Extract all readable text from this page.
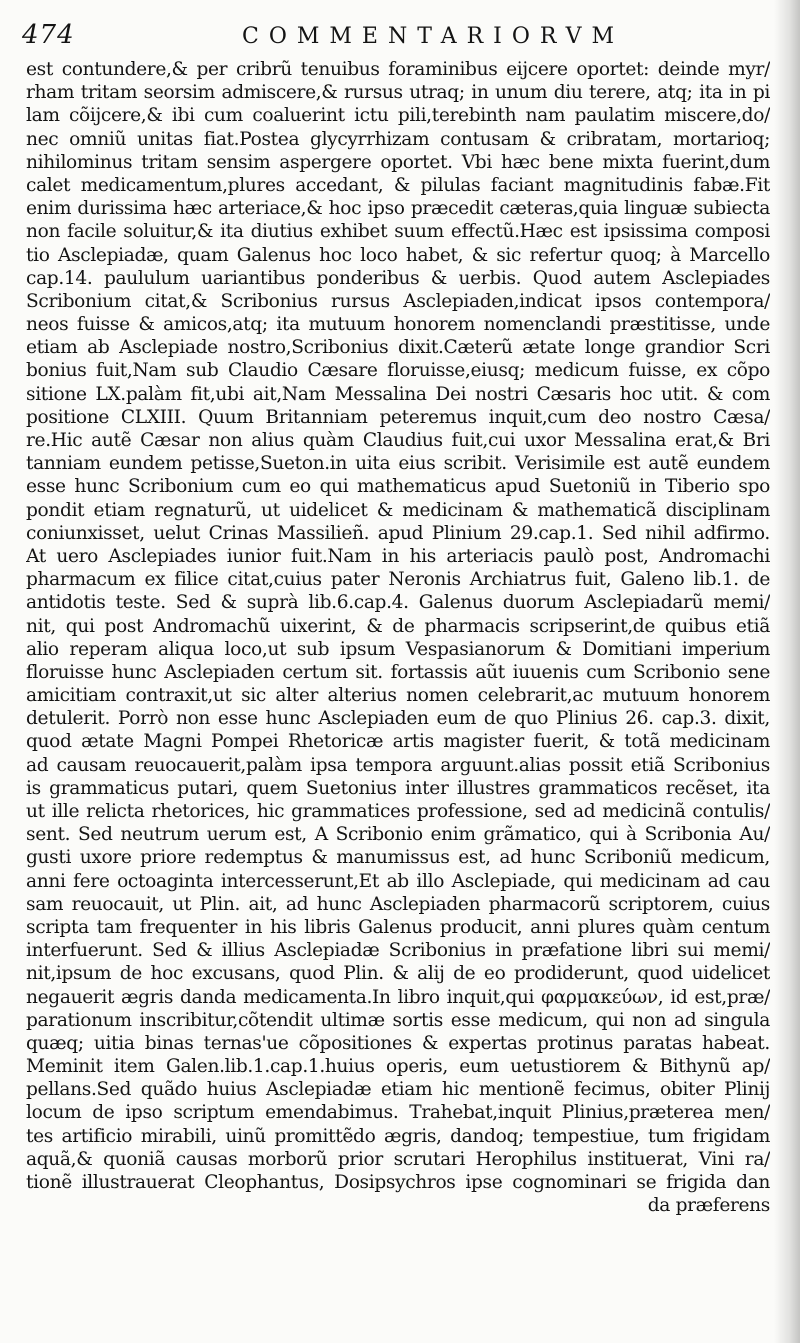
474	COMMENTARIORVM
est contundere,& per cribrũ tenuibus foraminibus eijcere oportet: deinde myr/
rham tritam seorsim admiscere,& rursus utraq; in unum diu terere, atq; ita in pi
lam cõijcere,& ibi cum coaluerint ictu pili,terebinth nam paulatim miscere,do/
nec omniũ unitas fiat.Postea glycyrrhizam contusam & cribratam, mortarioq;
nihilominus tritam sensim aspergere oportet. Vbi hæc bene mixta fuerint,dum
calet medicamentum,plures accedant, & pilulas faciant magnitudinis fabæ.Fit
enim durissima hæc arteriace,& hoc ipso præcedit cæteras,quia linguæ subiecta
non facile soluitur,& ita diutius exhibet suum effectũ.Hæc est ipsissima composi
tio Asclepiadæ, quam Galenus hoc loco habet, & sic refertur quoq; à Marcello
cap.14. paululum uariantibus ponderibus & uerbis. Quod autem Asclepiades
Scribonium citat,& Scribonius rursus Asclepiaden,indicat ipsos contempora/
neos fuisse & amicos,atq; ita mutuum honorem nomenclandi præstitisse, unde
etiam ab Asclepiade nostro,Scribonius dixit.Cæterũ ætate longe grandior Scri
bonius fuit,Nam sub Claudio Cæsare floruisse,eiusq; medicum fuisse, ex cõpo
sitione LX.palàm fit,ubi ait,Nam Messalina Dei nostri Cæsaris hoc utit. & com
positione CLXIII. Quum Britanniam peteremus inquit,cum deo nostro Cæsa/
re.Hic autẽ Cæsar non alius quàm Claudius fuit,cui uxor Messalina erat,& Bri
tanniam eundem petisse,Sueton.in uita eius scribit. Verisimile est autẽ eundem
esse hunc Scribonium cum eo qui mathematicus apud Suetoniũ in Tiberio spo
pondit etiam regnaturũ, ut uidelicet & medicinam & mathematicã disciplinam
coniunxisset, uelut Crinas Massilieñ. apud Plinium 29.cap.1. Sed nihil adfirmo.
At uero Asclepiades iunior fuit.Nam in his arteriacis paulò post, Andromachi
pharmacum ex filice citat,cuius pater Neronis Archiatrus fuit, Galeno lib.1. de
antidotis teste. Sed & suprà lib.6.cap.4. Galenus duorum Asclepiadarũ memi/
nit, qui post Andromachũ uixerint, & de pharmacis scripserint,de quibus etiã
alio reperam aliqua loco,ut sub ipsum Vespasianorum & Domitiani imperium
floruisse hunc Asclepiaden certum sit. fortassis aũt iuuenis cum Scribonio sene
amicitiam contraxit,ut sic alter alterius nomen celebrarit,ac mutuum honorem
detulerit. Porrò non esse hunc Asclepiaden eum de quo Plinius 26. cap.3. dixit,
quod ætate Magni Pompei Rhetoricæ artis magister fuerit, & totã medicinam
ad causam reuocauerit,palàm ipsa tempora arguunt.alias possit etiã Scribonius
is grammaticus putari, quem Suetonius inter illustres grammaticos recẽset, ita
ut ille relicta rhetorices, hic grammatices professione, sed ad medicinã contulis/
sent. Sed neutrum uerum est, A Scribonio enim grãmatico, qui à Scribonia Au/
gusti uxore priore redemptus & manumissus est, ad hunc Scriboniũ medicum,
anni fere octoaginta intercesserunt,Et ab illo Asclepiade, qui medicinam ad cau
sam reuocauit, ut Plin. ait, ad hunc Asclepiaden pharmacorũ scriptorem, cuius
scripta tam frequenter in his libris Galenus producit, anni plures quàm centum
interfuerunt. Sed & illius Asclepiadæ Scribonius in præfatione libri sui memi/
nit,ipsum de hoc excusans, quod Plin. & alij de eo prodiderunt, quod uidelicet
negauerit ægris danda medicamenta.In libro inquit,qui φαρμακεύων, id est,præ/
parationum inscribitur,cõtendit ultimæ sortis esse medicum, qui non ad singula
quæq; uitia binas ternas'ue cõpositiones & expertas protinus paratas habeat.
Meminit item Galen.lib.1.cap.1.huius operis, eum uetustiorem & Bithynũ ap/
pellans.Sed quãdo huius Asclepiadæ etiam hic mentionẽ fecimus, obiter Plinij
locum de ipso scriptum emendabimus. Trahebat,inquit Plinius,præterea men/
tes artificio mirabili, uinũ promittẽdo ægris, dandoq; tempestiue, tum frigidam
aquã,& quoniã causas morborũ prior scrutari Herophilus instituerat, Vini ra/
tionẽ illustrauerat Cleophantus, Dosipsychros ipse cognominari se frigida dan
da præferens
